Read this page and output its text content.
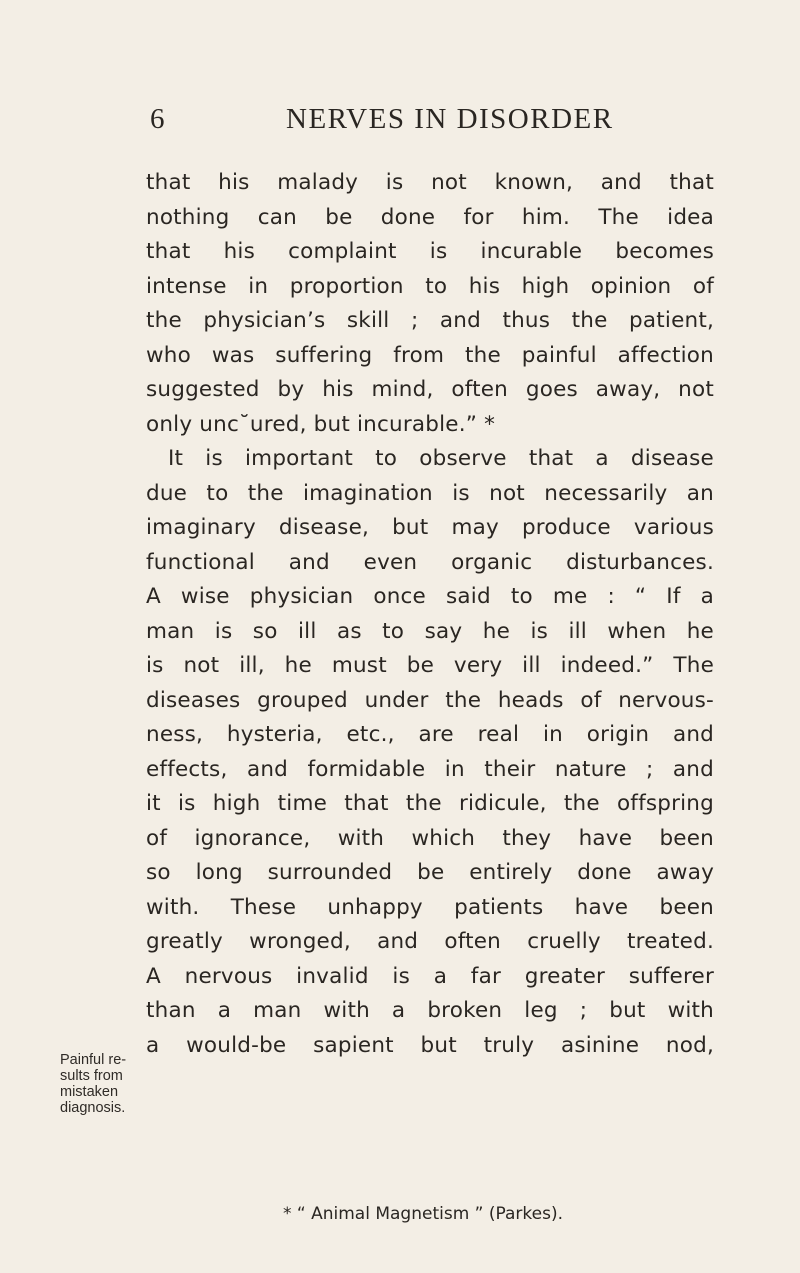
6	NERVES IN DISORDER
that his malady is not known, and that
nothing can be done for him. The idea
that his complaint is incurable becomes
intense in proportion to his high opinion of
the physician’s skill ; and thus the patient,
who was suffering from the painful affection
suggested by his mind, often goes away, not
only unc˘ured, but incurable.” *
It is important to observe that a disease
due to the imagination is not necessarily an
imaginary disease, but may produce various
functional and even organic disturbances.
A wise physician once said to me : “ If a
man is so ill as to say he is ill when he
is not ill, he must be very ill indeed.” The
diseases grouped under the heads of nervous-
ness, hysteria, etc., are real in origin and
effects, and formidable in their nature ; and
it is high time that the ridicule, the offspring
of ignorance, with which they have been
so long surrounded be entirely done away
with. These unhappy patients have been
greatly wronged, and often cruelly treated.
A nervous invalid is a far greater sufferer
than a man with a broken leg ; but with
a would-be sapient but truly asinine nod,
Painful re-
sults from
mistaken
diagnosis.
* “ Animal Magnetism ” (Parkes).
